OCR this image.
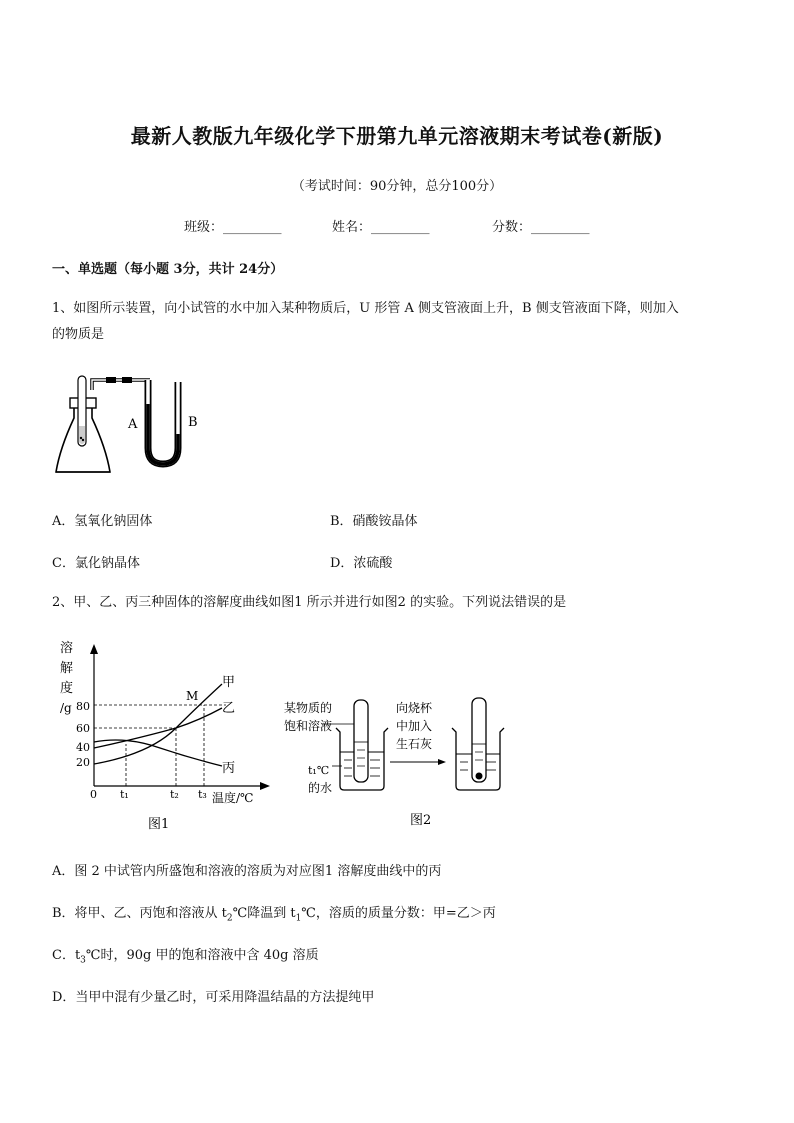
最新人教版九年级化学下册第九单元溶液期末考试卷(新版)
（考试时间：90分钟，总分100分）
班级：_________	姓名：_________	分数：_________
一、单选题（每小题 3分，共计 24分）
1、如图所示装置，向小试管的水中加入某种物质后，U 形管 A 侧支管液面上升，B 侧支管液面下降，则加入
的物质是
A	B
A．氢氧化钠固体	B．硝酸铵晶体
C．氯化钠晶体	D．浓硫酸
2、甲、乙、丙三种固体的溶解度曲线如图1 所示并进行如图2 的实验。下列说法错误的是
溶
解
度
/g 80
60
40
20
M
甲
乙
丙
0 t₁	t₂ t₃ 温度/℃
图1
某物质的
饱和溶液
t₁℃
的水
向烧杯
中加入
生石灰
图2
A．图 2 中试管内所盛饱和溶液的溶质为对应图1 溶解度曲线中的丙
B．将甲、乙、丙饱和溶液从 $t_2℃$降温到 $t_1℃$，溶质的质量分数：甲=乙＞丙
C．$t_3℃$时，90g 甲的饱和溶液中含 40g 溶质
D．当甲中混有少量乙时，可采用降温结晶的方法提纯甲
